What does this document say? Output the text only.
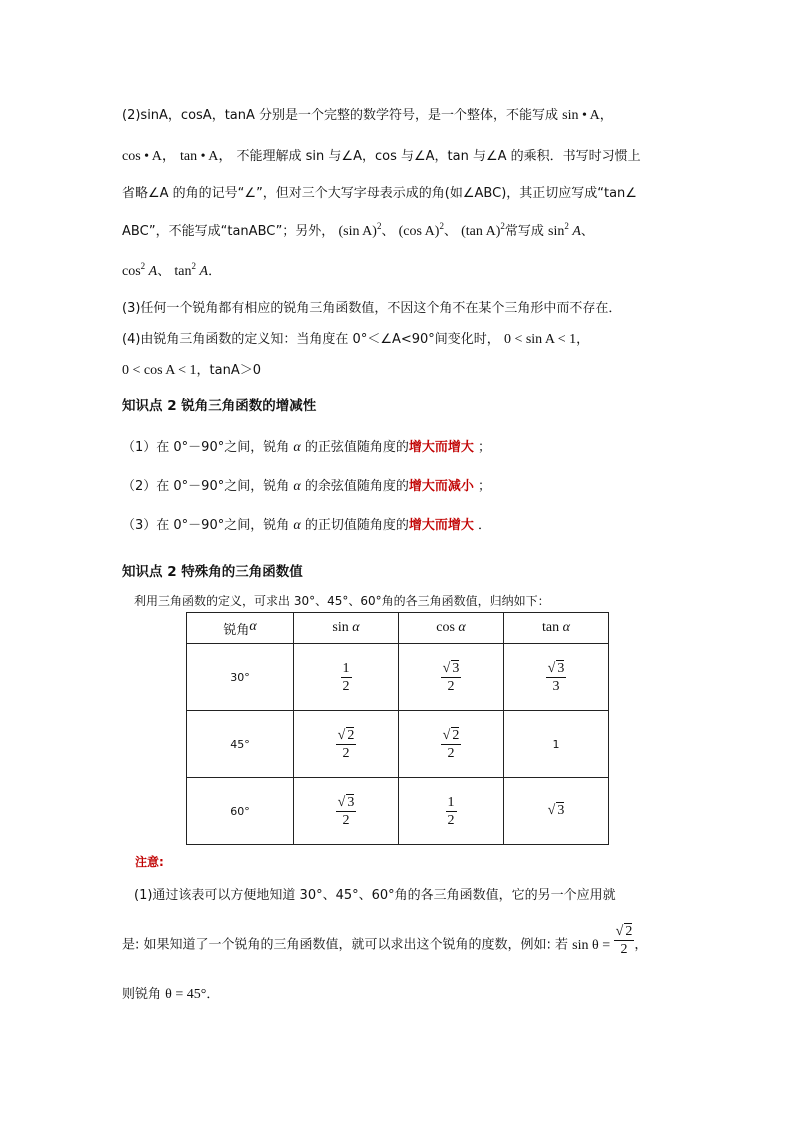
(2)sinA，cosA，tanA 分别是一个完整的数学符号，是一个整体，不能写成 sin • A，
cos • A， tan • A， 不能理解成 sin 与∠A，cos 与∠A，tan 与∠A 的乘积．书写时习惯上
省略∠A 的角的记号“∠”，但对三个大写字母表示成的角(如∠ABC)，其正切应写成“tan∠
ABC”，不能写成“tanABC”；另外， (sin A)$^2$、 (cos A)$^2$、 (tan A)$^2$常写成 $\sin^2 A$、
$\cos^2 A$、 $\tan^2 A$．
(3)任何一个锐角都有相应的锐角三角函数值，不因这个角不在某个三角形中而不存在．
(4)由锐角三角函数的定义知：当角度在 0°＜∠A<90°间变化时， 0 < sin A < 1，
0 < cos A < 1，tanA＞0
知识点 2 锐角三角函数的增减性
（1）在 0°－90°之间，锐角 α 的正弦值随角度的增大而增大 ；
（2）在 0°－90°之间，锐角 α 的余弦值随角度的增大而减小 ；
（3）在 0°－90°之间，锐角 α 的正切值随角度的增大而增大 ．
知识点 2 特殊角的三角函数值
利用三角函数的定义，可求出 30°、45°、60°角的各三角函数值，归纳如下：
锐角α	sin α	cos α	tan α
30°	$\frac{1}{2}$	$\frac{√ 3}{2}$	$\frac{√ 3}{3}$

45°	$\frac{√ 2}{2}$	$\frac{√ 2}{2}$	1
60°	$\frac{√ 3}{2}$	$\frac{1}{2}$	√ 3
注意:
(1)通过该表可以方便地知道 30°、45°、60°角的各三角函数值，它的另一个应用就
是: 如果知道了一个锐角的三角函数值，就可以求出这个锐角的度数，例如: 若 $\sin \theta = \frac{√ 2}{2}$ ，
则锐角 θ = 45°．
